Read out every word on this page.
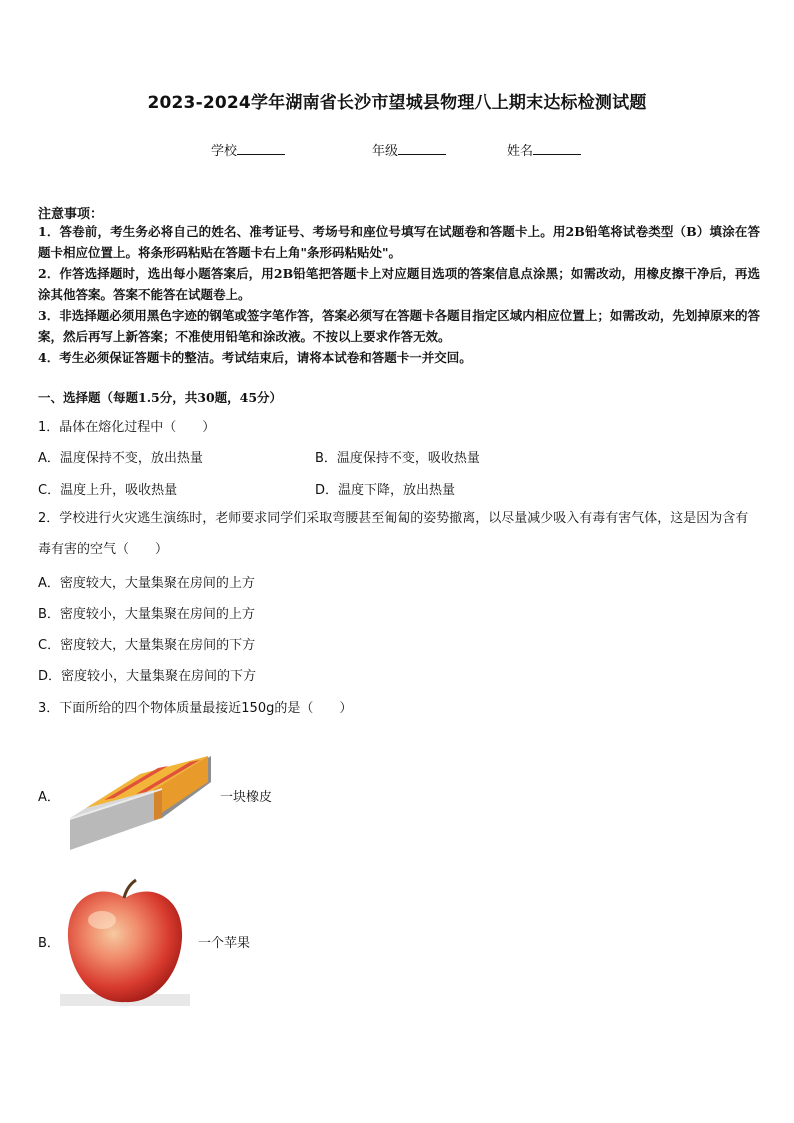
2023-2024学年湖南省长沙市望城县物理八上期末达标检测试题
学校	年级	姓名
注意事项：
1．答卷前，考生务必将自己的姓名、准考证号、考场号和座位号填写在试题卷和答题卡上。用2B铅笔将试卷类型（B）填涂在答题卡相应位置上。将条形码粘贴在答题卡右上角"条形码粘贴处"。
2．作答选择题时，选出每小题答案后，用2B铅笔把答题卡上对应题目选项的答案信息点涂黑；如需改动，用橡皮擦干净后，再选涂其他答案。答案不能答在试题卷上。
3．非选择题必须用黑色字迹的钢笔或签字笔作答，答案必须写在答题卡各题目指定区域内相应位置上；如需改动，先划掉原来的答案，然后再写上新答案；不准使用铅笔和涂改液。不按以上要求作答无效。
4．考生必须保证答题卡的整洁。考试结束后，请将本试卷和答题卡一并交回。
一、选择题（每题1.5分，共30题，45分）
1．晶体在熔化过程中（　　）
A．温度保持不变，放出热量	B．温度保持不变，吸收热量
C．温度上升，吸收热量	D．温度下降，放出热量
2．学校进行火灾逃生演练时，老师要求同学们采取弯腰甚至匍匐的姿势撤离，以尽量减少吸入有毒有害气体，这是因为含有毒有害的空气（　　）
A．密度较大，大量集聚在房间的上方
B．密度较小，大量集聚在房间的上方
C．密度较大，大量集聚在房间的下方
D．密度较小，大量集聚在房间的下方
3．下面所给的四个物体质量最接近150g的是（　　）
A．	一块橡皮
B．	一个苹果
